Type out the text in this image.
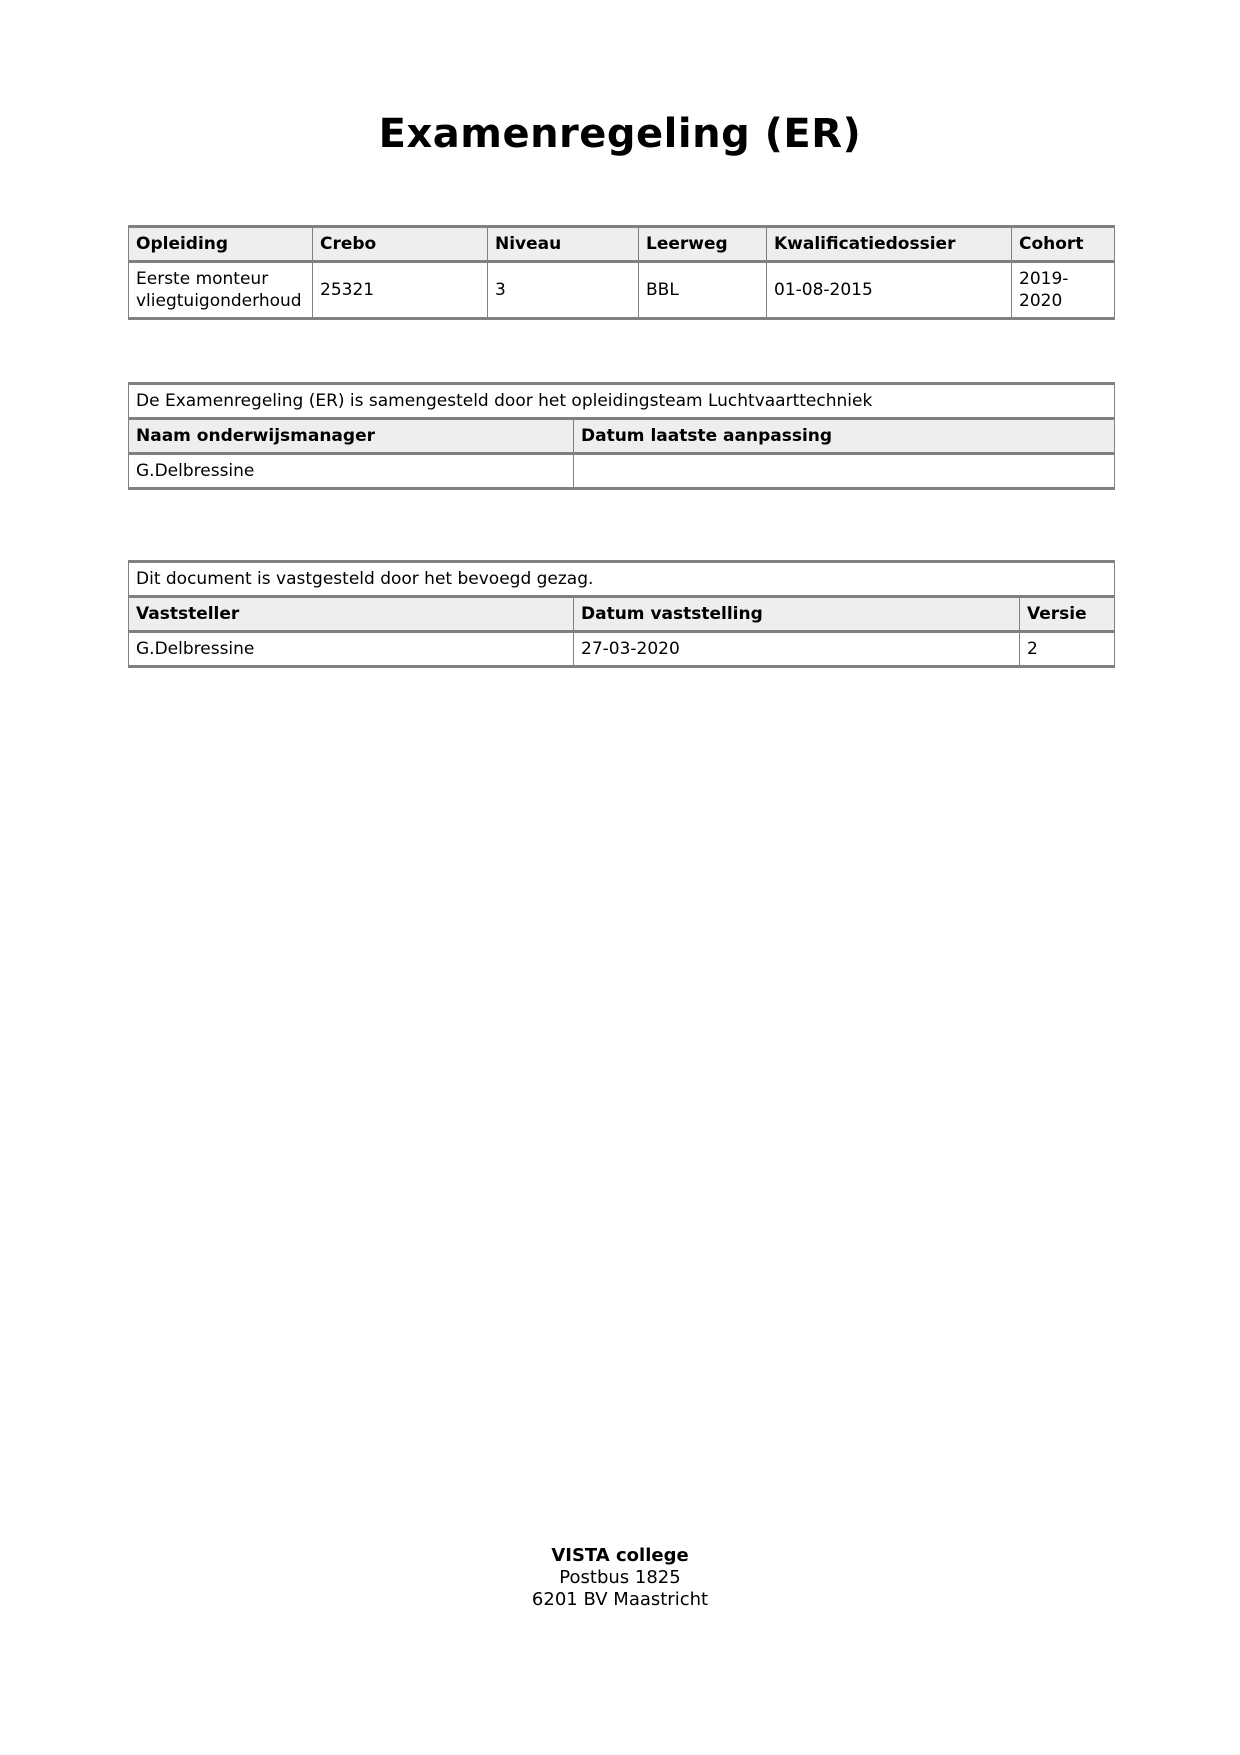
Examenregeling (ER)
Opleiding	Crebo	Niveau	Leerweg	Kwalificatiedossier	Cohort
Eerste monteur vliegtuigonderhoud	25321	3	BBL	01-08-2015	2019-2020
De Examenregeling (ER) is samengesteld door het opleidingsteam Luchtvaarttechniek	
Naam onderwijsmanager	Datum laatste aanpassing
G.Delbressine	
Dit document is vastgesteld door het bevoegd gezag.		
Vaststeller	Datum vaststelling	Versie
G.Delbressine	27-03-2020	2
VISTA college
Postbus 1825
6201 BV Maastricht
